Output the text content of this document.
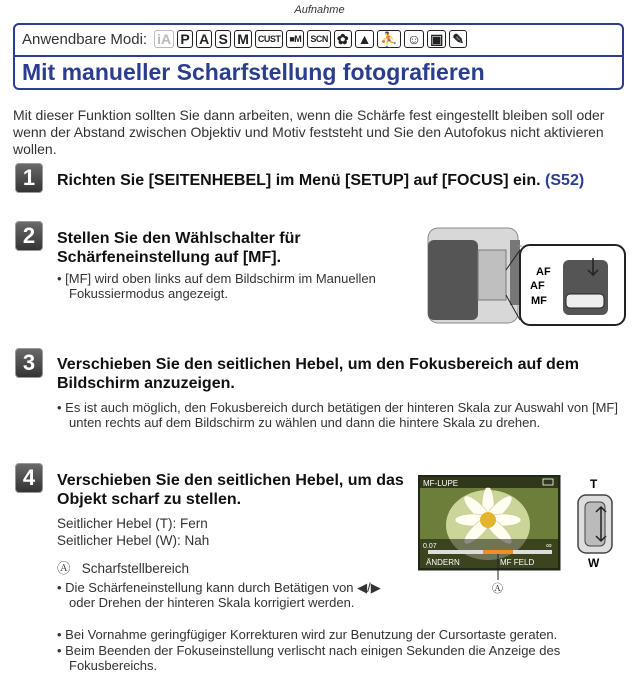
Aufnahme
Anwendbare Modi: iA P A S M	CUST	■M	SCN ✿ ▲ ⛹ ☺ ▣ ✎
Mit manueller Scharfstellung fotografieren
Mit dieser Funktion sollten Sie dann arbeiten, wenn die Schärfe fest eingestellt bleiben soll oder wenn der Abstand zwischen Objektiv und Motiv feststeht und Sie den Autofokus nicht aktivieren wollen.
1	Richten Sie [SEITENHEBEL] im Menü [SETUP] auf [FOCUS] ein. (S52)
2	Stellen Sie den Wählschalter für Schärfeneinstellung auf [MF].
• [MF] wird oben links auf dem Bildschirm im Manuellen Fokussiermodus angezeigt.
AF
AF
MF
3	Verschieben Sie den seitlichen Hebel, um den Fokusbereich auf dem Bildschirm anzuzeigen.
• Es ist auch möglich, den Fokusbereich durch betätigen der hinteren Skala zur Auswahl von [MF] unten rechts auf dem Bildschirm zu wählen und dann die hintere Skala zu drehen.
4	Verschieben Sie den seitlichen Hebel, um das Objekt scharf zu stellen.
Seitlicher Hebel (T): Fern
Seitlicher Hebel (W): Nah
Ⓐ Scharfstellbereich
• Die Schärfeneinstellung kann durch Betätigen von ◀/▶ oder Drehen der hinteren Skala korrigiert werden.
• Bei Vornahme geringfügiger Korrekturen wird zur Benutzung der Cursortaste geraten.
• Beim Beenden der Fokuseinstellung verlischt nach einigen Sekunden die Anzeige des Fokusbereichs.
MF-LUPE
0.07	∞
ÄNDERN	MF FELD
Ⓐ
T
W
